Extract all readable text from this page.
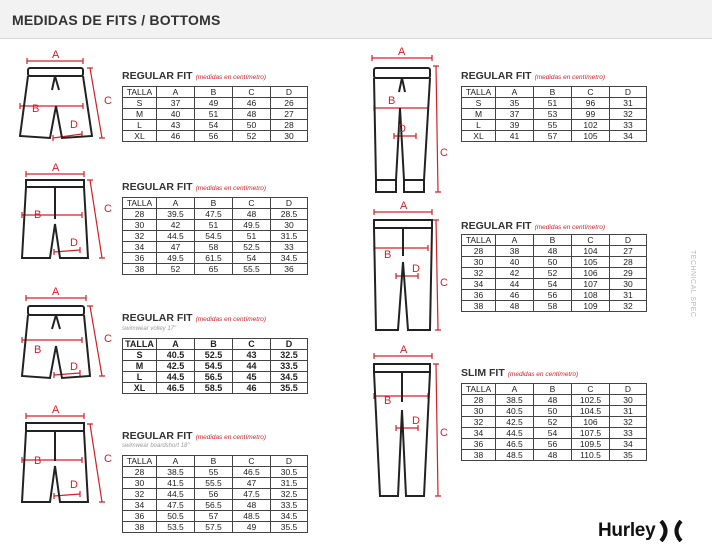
MEDIDAS DE FITS / BOTTOMS
A
B
C
D
A
B	C
D
A
B
C
D
A
B	C
D
A
B
C
D
A
B
C
D
A
B
C
D
REGULAR FIT (medidas en centímetro)
REGULAR FIT (medidas en centímetro)
REGULAR FIT (medidas en centímetro)
swimwear volley 17"
REGULAR FIT (medidas en centímetro)
swimwear boardshort 18"
REGULAR FIT (medidas en centímetro)
REGULAR FIT (medidas en centímetro)
SLIM FIT (medidas en centímetro)
TALLA	A	B	C	D
S	37	49	46	26
M	40	51	48	27
L	43	54	50	28
XL	46	56	52	30
TALLA	A	B	C	D
28	39.5	47.5	48	28.5
30	42	51	49.5	30
32	44.5	54.5	51	31.5
34	47	58	52.5	33
36	49.5	61.5	54	34.5
38	52	65	55.5	36
TALLA	A	B	C	D
S	40.5	52.5	43	32.5
M	42.5	54.5	44	33.5
L	44.5	56.5	45	34.5
XL	46.5	58.5	46	35.5
TALLA	A	B	C	D
28	38.5	55	46.5	30.5
30	41.5	55.5	47	31.5
32	44.5	56	47.5	32.5
34	47.5	56.5	48	33.5
36	50.5	57	48.5	34.5
38	53.5	57.5	49	35.5
TALLA	A	B	C	D
S	35	51	96	31
M	37	53	99	32
L	39	55	102	33
XL	41	57	105	34
TALLA	A	B	C	D
28	38	48	104	27
30	40	50	105	28
32	42	52	106	29
34	44	54	107	30
36	46	56	108	31
38	48	58	109	32
TALLA	A	B	C	D
28	38.5	48	102.5	30
30	40.5	50	104.5	31
32	42.5	52	106	32
34	44.5	54	107.5	33
36	46.5	56	109.5	34
38	48.5	48	110.5	35
TECHNICAL SPEC
Hurley
